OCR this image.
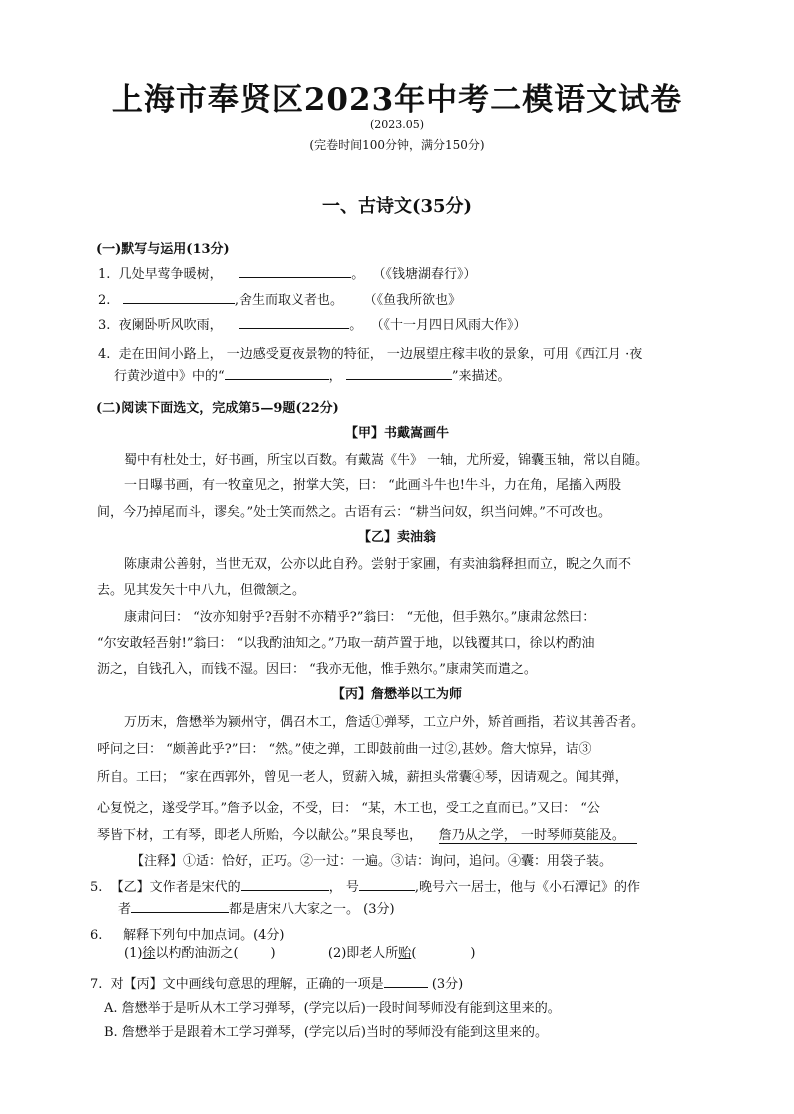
上海市奉贤区2023年中考二模语文试卷
(2023.05)
(完卷时间100分钟，满分150分)
一、古诗文(35分)
(一)默写与运用(13分)
1. 几处早莺争暖树，	。 （《钱塘湖春行》）
2.	,舍生而取义者也。 （《鱼我所欲也》
3. 夜阑卧听风吹雨，	。 （《十一月四日风雨大作》）
4. 走在田间小路上， 一边感受夏夜景物的特征， 一边展望庄稼丰收的景象，可用《西江月 ·夜
行黄沙道中》中的“	，	”来描述。
(二)阅读下面选文，完成第5—9题(22分)
【甲】书戴嵩画牛
蜀中有杜处士，好书画，所宝以百数。有戴嵩《牛》 一轴，尤所爱，锦囊玉轴，常以自随。
一日曝书画，有一牧童见之，拊掌大笑，曰： “此画斗牛也!牛斗，力在角，尾搐入两股
间，今乃掉尾而斗，谬矣。”处士笑而然之。古语有云：“耕当问奴，织当问婢。”不可改也。
【乙】卖油翁
陈康肃公善射，当世无双，公亦以此自矜。尝射于家圃，有卖油翁释担而立，睨之久而不
去。见其发矢十中八九，但微颔之。
康肃问曰： “汝亦知射乎?吾射不亦精乎?”翁曰： “无他，但手熟尔。”康肃忿然曰：
“尔安敢轻吾射!”翁曰： “以我酌油知之。”乃取一葫芦置于地，以钱覆其口，徐以杓酌油
沥之，自钱孔入，而钱不湿。因曰： “我亦无他，惟手熟尔。”康肃笑而遣之。
【丙】詹懋举以工为师
万历末，詹懋举为颍州守，偶召木工，詹适①弹琴，工立户外，矫首画指，若议其善否者。
呼问之曰： “颇善此乎?”曰： “然。”使之弹，工即鼓前曲一过②,甚妙。詹大惊异，诘③
所自。工曰； “家在西郭外，曾见一老人，贸薪入城，薪担头常囊④琴，因请观之。闻其弹，
心复悦之，遂受学耳。”詹予以金，不受，曰： “某，木工也，受工之直而已。”又曰： “公
琴皆下材，工有琴，即老人所贻，今以献公。”果良琴也， 詹乃从之学， 一时琴师莫能及。
【注释】①适：恰好，正巧。②一过：一遍。③诘：询问，追问。④囊：用袋子装。
5. 【乙】文作者是宋代的	， 号	,晚号六一居士，他与《小石潭记》的作
者	都是唐宋八大家之一。 (3分)
6. 解释下列句中加点词。(4分)
(1)徐以杓酌油沥之( )	(2)即老人所贻(	)
7. 对【丙】文中画线句意思的理解，正确的一项是	(3分)
A. 詹懋举于是听从木工学习弹琴，(学完以后)一段时间琴师没有能到这里来的。
B. 詹懋举于是跟着木工学习弹琴，(学完以后)当时的琴师没有能到这里来的。
